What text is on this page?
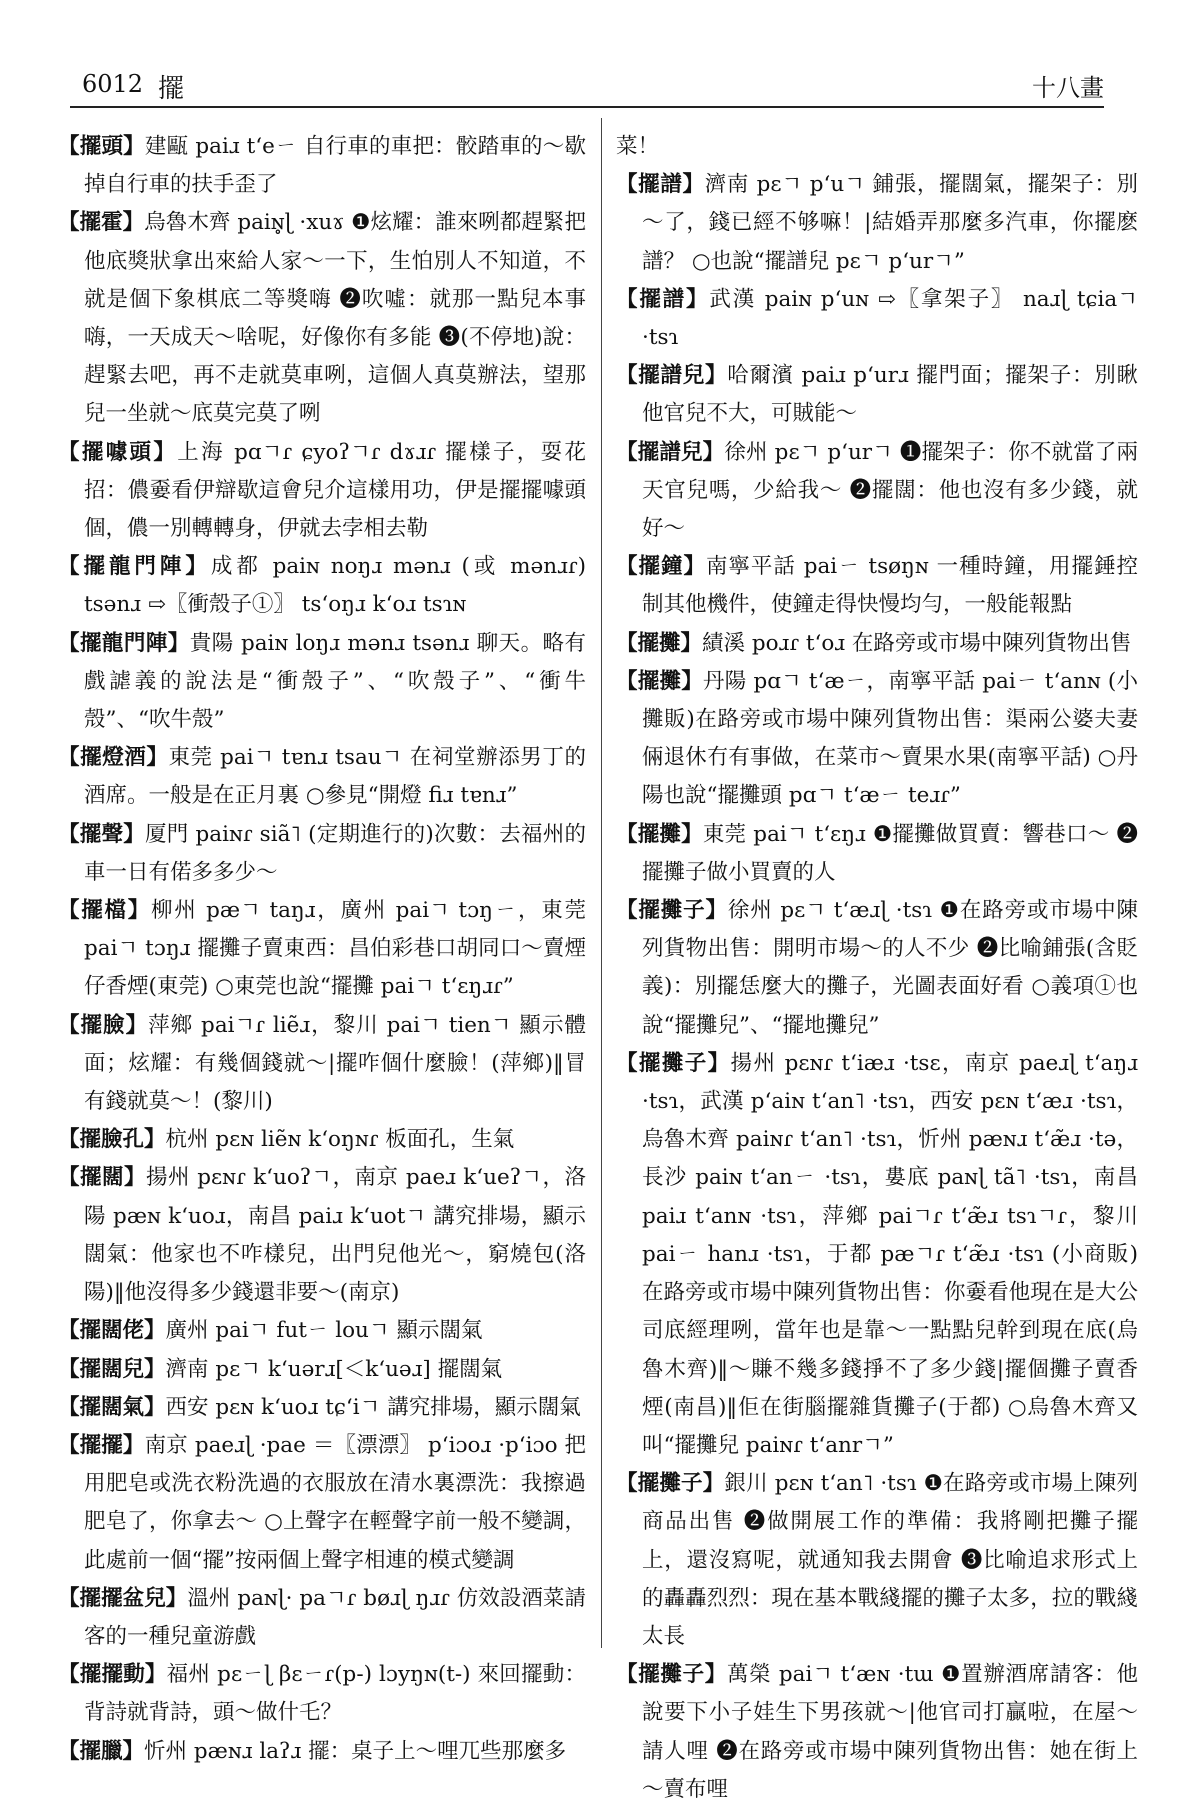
6012 擺	十八畫

【擺頭】建甌 paiɹ tʻeㄧ 自行車的車把：骹踏車的～歇掉自行車的扶手歪了

【擺霍】烏魯木齊 paiɴ̥ɭ ·xuɤ ❶炫耀：誰來咧都趕緊把他底獎狀拿出來給人家～一下，生怕別人不知道，不就是個下象棋底二等獎嗨 ❷吹噓：就那一點兒本事嗨，一天成天～啥呢，好像你有多能 ❸(不停地)說：趕緊去吧，再不走就莫車咧，這個人真莫辦法，望那兒一坐就～底莫完莫了咧

【擺噱頭】上海 pɑㄱɾ ɕyoʔㄱɾ dɤɹɾ 擺樣子，耍花招：儂嫑看伊辯歇這會兒介這樣用功，伊是擺擺噱頭個，儂一別轉轉身，伊就去孛相去勒

【擺龍門陣】成都 paiɴ noŋɹ mənɹ (或 mənɹɾ) tsənɹ ⇨〖衝殼子①〗 tsʻoŋɹ kʻoɹ tsɿɴ

【擺龍門陣】貴陽 paiɴ loŋɹ mənɹ tsənɹ 聊天。略有戲謔義的說法是“衝殼子”、“吹殼子”、“衝牛殼”、“吹牛殼”

【擺燈酒】東莞 paiㄱ tɐnɹ tsauㄱ 在祠堂辦添男丁的酒席。一般是在正月裏 ○參見“開燈 fiɹ tɐnɹ”

【擺聲】厦門 paiɴɾ siã˥ (定期進行的)次數：去福州的車一日有偌多多少～

【擺檔】柳州 pæㄱ taŋɹ，廣州 paiㄱ tɔŋㄧ，東莞 paiㄱ tɔŋɹ 擺攤子賣東西：昌伯彩巷口胡同口～賣煙仔香煙(東莞) ○東莞也說“擺攤 paiㄱ tʻɛŋɹɾ”

【擺臉】萍鄉 paiㄱɾ liẽɹ，黎川 paiㄱ tienㄱ 顯示體面；炫耀：有幾個錢就～|擺咋個什麼臉！(萍鄉)‖冒有錢就莫～！(黎川)

【擺臉孔】杭州 pɛɴ liẽɴ kʻoŋɴɾ 板面孔，生氣

【擺闊】揚州 pɛɴɾ kʻuoʔㄱ，南京 paeɹ kʻueʔㄱ，洛陽 pæɴ kʻuoɹ，南昌 paiɹ kʻuotㄱ 講究排場，顯示闊氣：他家也不咋樣兒，出門兒他光～，窮燒包(洛陽)‖他沒得多少錢還非要～(南京)

【擺闊佬】廣州 paiㄱ futㄧ louㄱ 顯示闊氣

【擺闊兒】濟南 pɛㄱ kʻuərɹ[＜kʻuəɹ] 擺闊氣

【擺闊氣】西安 pɛɴ kʻuoɹ tɕʻiㄱ 講究排場，顯示闊氣

【擺擺】南京 paeɹɭ ·pae ＝〖漂漂〗 pʻiɔoɹ ·pʻiɔo 把用肥皂或洗衣粉洗過的衣服放在清水裏漂洗：我擦過肥皂了，你拿去～ ○上聲字在輕聲字前一般不變調，此處前一個“擺”按兩個上聲字相連的模式變調

【擺擺盆兒】溫州 paɴɭ· paㄱɾ bøɹɭ ŋɹɾ 仿效設酒菜請客的一種兒童游戲

【擺擺動】福州 pɛㄧɭ βɛㄧɾ(p-) lɔyŋɴ(t-) 來回擺動：背詩就背詩，頭～做什乇？

【擺臘】忻州 pæɴɹ laʔɹ 擺：桌子上～哩兀些那麼多

菜！

【擺譜】濟南 pɛㄱ pʻuㄱ 鋪張，擺闊氣，擺架子：別～了，錢已經不够嘛！|結婚弄那麼多汽車，你擺麽譜？ ○也說“擺譜兒 pɛㄱ pʻurㄱ”

【擺譜】武漢 paiɴ pʻuɴ ⇨〖拿架子〗 naɹɭ tɕiaㄱ ·tsɿ

【擺譜兒】哈爾濱 paiɹ pʻurɹ 擺門面；擺架子：別瞅他官兒不大，可賊能～

【擺譜兒】徐州 pɛㄱ pʻurㄱ ❶擺架子：你不就當了兩天官兒嗎，少給我～ ❷擺闊：他也沒有多少錢，就好～

【擺鐘】南寧平話 paiㄧ tsøŋɴ 一種時鐘，用擺錘控制其他機件，使鐘走得快慢均勻，一般能報點

【擺攤】績溪 poɹɾ tʻoɹ 在路旁或市場中陳列貨物出售

【擺攤】丹陽 pɑㄱ tʻæㄧ，南寧平話 paiㄧ tʻanɴ (小攤販)在路旁或市場中陳列貨物出售：渠兩公婆夫妻倆退休冇有事做，在菜市～賣果水果(南寧平話) ○丹陽也說“擺攤頭 pɑㄱ tʻæㄧ teɹɾ”

【擺攤】東莞 paiㄱ tʻɛŋɹ ❶擺攤做買賣：響巷口～ ❷擺攤子做小買賣的人

【擺攤子】徐州 pɛㄱ tʻæɹɭ ·tsɿ ❶在路旁或市場中陳列貨物出售：開明市場～的人不少 ❷比喻鋪張(含貶義)：別擺恁麼大的攤子，光圖表面好看 ○義項①也說“擺攤兒”、“擺地攤兒”

【擺攤子】揚州 pɛɴɾ tʻiæɹ ·tsɛ，南京 paeɹɭ tʻaŋɹ ·tsɿ，武漢 pʻaiɴ tʻan˥ ·tsɿ，西安 pɛɴ tʻæɹ ·tsɿ，烏魯木齊 paiɴɾ tʻan˥ ·tsɿ，忻州 pæɴɹ tʻæ̃ɹ ·tə，長沙 paiɴ tʻanㄧ ·tsɿ，婁底 paɴɭ tã˥ ·tsɿ，南昌 paiɹ tʻanɴ ·tsɿ，萍鄉 paiㄱɾ tʻæ̃ɹ tsɿㄱɾ，黎川 paiㄧ hanɹ ·tsɿ，于都 pæㄱɾ tʻæ̃ɹ ·tsɿ (小商販)在路旁或市場中陳列貨物出售：你嫑看他現在是大公司底經理咧，當年也是靠～一點點兒幹到現在底(烏魯木齊)‖～賺不幾多錢掙不了多少錢|擺個攤子賣香煙(南昌)‖佢在街腦擺雜貨攤子(于都) ○烏魯木齊又叫“擺攤兒 paiɴɾ tʻanrㄱ”

【擺攤子】銀川 pɛɴ tʻan˥ ·tsɿ ❶在路旁或市場上陳列商品出售 ❷做開展工作的準備：我將剛把攤子擺上，還沒寫呢，就通知我去開會 ❸比喻追求形式上的轟轟烈烈：現在基本戰綫擺的攤子太多，拉的戰綫太長

【擺攤子】萬榮 paiㄱ tʻæɴ ·tɯ ❶置辦酒席請客：他說要下小子娃生下男孩就～|他官司打贏啦，在屋～請人哩 ❷在路旁或市場中陳列貨物出售：她在街上～賣布哩
